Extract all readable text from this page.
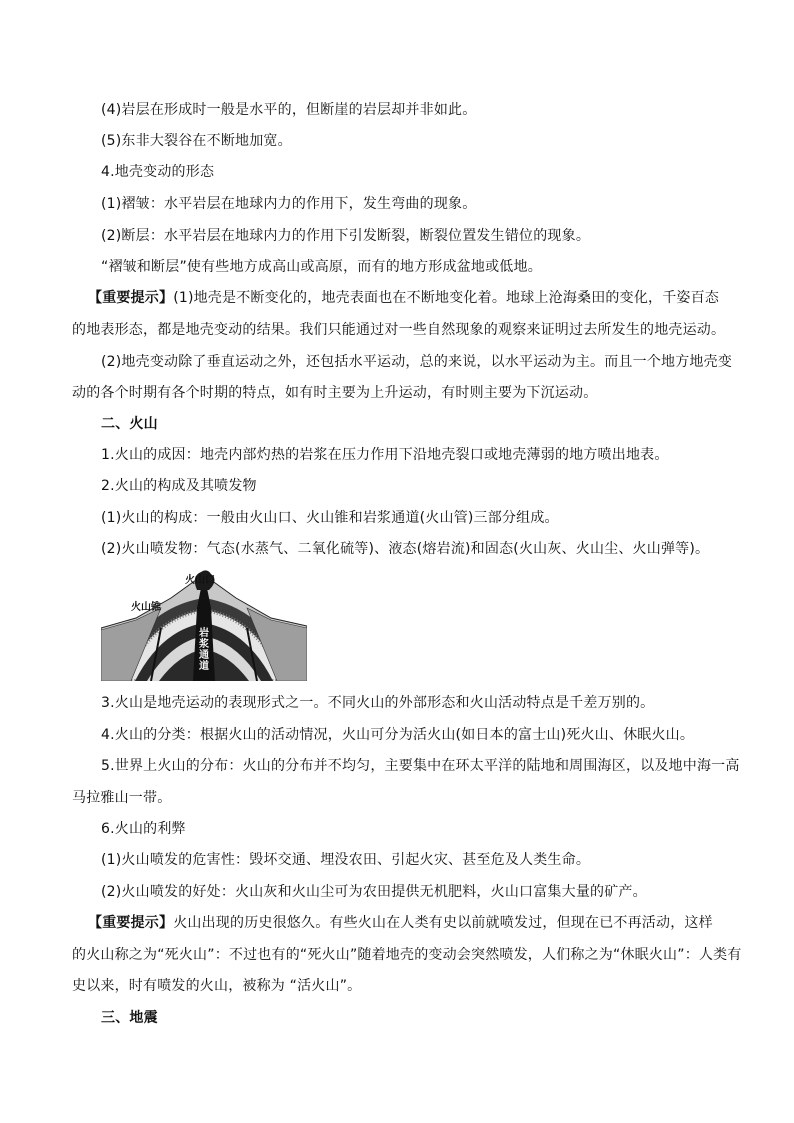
(4)岩层在形成时一般是水平的，但断崖的岩层却并非如此。
(5)东非大裂谷在不断地加宽。
4.地壳变动的形态
(1)褶皱：水平岩层在地球内力的作用下，发生弯曲的现象。
(2)断层：水平岩层在地球内力的作用下引发断裂，断裂位置发生错位的现象。
“褶皱和断层”使有些地方成高山或高原，而有的地方形成盆地或低地。
【重要提示】(1)地壳是不断变化的，地壳表面也在不断地变化着。地球上沧海桑田的变化，千姿百态
的地表形态，都是地壳变动的结果。我们只能通过对一些自然现象的观察来证明过去所发生的地壳运动。
(2)地壳变动除了垂直运动之外，还包括水平运动，总的来说，以水平运动为主。而且一个地方地壳变
动的各个时期有各个时期的特点，如有时主要为上升运动，有时则主要为下沉运动。
二、火山
1.火山的成因：地壳内部灼热的岩浆在压力作用下沿地壳裂口或地壳薄弱的地方喷出地表。
2.火山的构成及其喷发物
(1)火山的构成：一般由火山口、火山锥和岩浆通道(火山管)三部分组成。
(2)火山喷发物：气态(水蒸气、二氧化硫等)、液态(熔岩流)和固态(火山灰、火山尘、火山弹等)。
火山口
火山锥
岩浆通道
3.火山是地壳运动的表现形式之一。不同火山的外部形态和火山活动特点是千差万别的。
4.火山的分类：根据火山的活动情况，火山可分为活火山(如日本的富士山)死火山、休眠火山。
5.世界上火山的分布：火山的分布并不均匀，主要集中在环太平洋的陆地和周围海区，以及地中海一高
马拉雅山一带。
6.火山的利弊
(1)火山喷发的危害性：毁坏交通、埋没农田、引起火灾、甚至危及人类生命。
(2)火山喷发的好处：火山灰和火山尘可为农田提供无机肥料，火山口富集大量的矿产。
【重要提示】火山出现的历史很悠久。有些火山在人类有史以前就喷发过，但现在已不再活动，这样
的火山称之为“死火山”：不过也有的“死火山”随着地壳的变动会突然喷发，人们称之为“休眠火山”：人类有
史以来，时有喷发的火山，被称为 “活火山”。
三、地震
